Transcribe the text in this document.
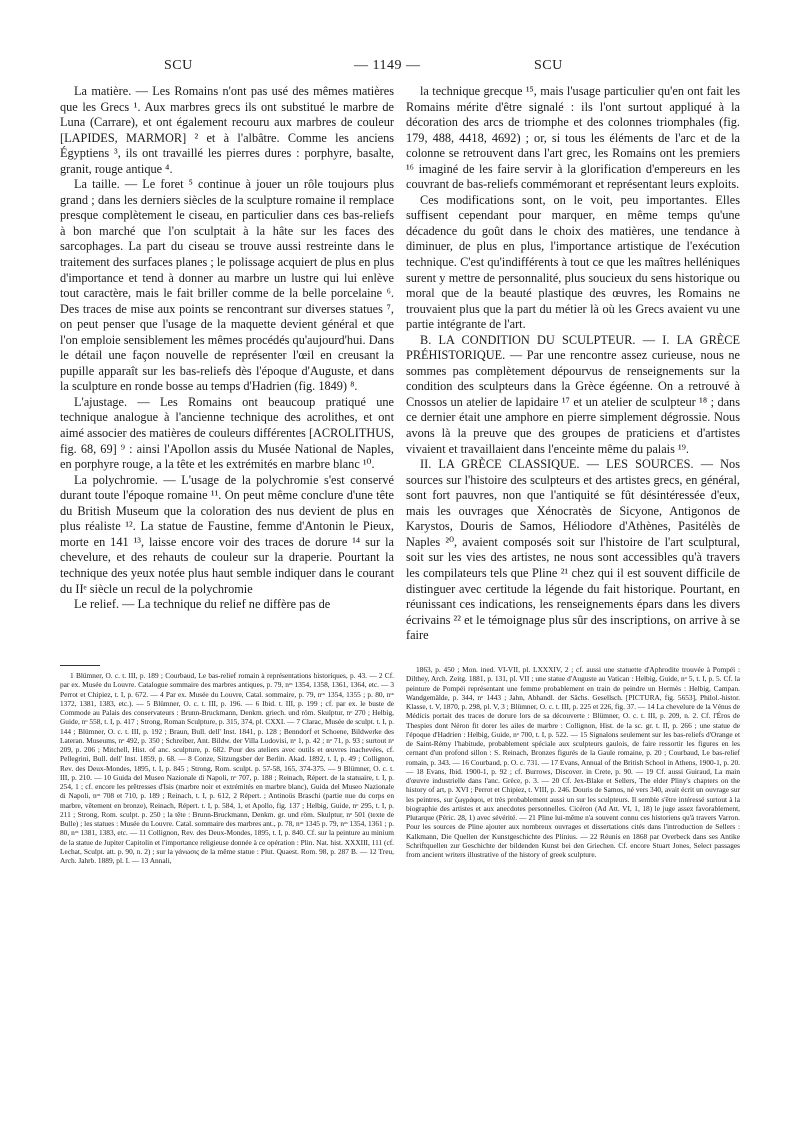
SCU	— 1149 —	SCU

La matière. — Les Romains n'ont pas usé des mêmes matières que les Grecs ¹. Aux marbres grecs ils ont substitué le marbre de Luna (Carrare), et ont également recouru aux marbres de couleur [LAPIDES, MARMOR] ² et à l'albâtre. Comme les anciens Égyptiens ³, ils ont travaillé les pierres dures : porphyre, basalte, granit, rouge antique ⁴.

La taille. — Le foret ⁵ continue à jouer un rôle toujours plus grand ; dans les derniers siècles de la sculpture romaine il remplace presque complètement le ciseau, en particulier dans ces bas-reliefs à bon marché que l'on sculptait à la hâte sur les faces des sarcophages. La part du ciseau se trouve aussi restreinte dans le traitement des surfaces planes ; le polissage acquiert de plus en plus d'importance et tend à donner au marbre un lustre qui lui enlève tout caractère, mais le fait briller comme de la belle porcelaine ⁶. Des traces de mise aux points se rencontrant sur diverses statues ⁷, on peut penser que l'usage de la maquette devient général et que l'on emploie sensiblement les mêmes procédés qu'aujourd'hui. Dans le détail une façon nouvelle de représenter l'œil en creusant la pupille apparaît sur les bas-reliefs dès l'époque d'Auguste, et dans la sculpture en ronde bosse au temps d'Hadrien (fig. 1849) ⁸.

L'ajustage. — Les Romains ont beaucoup pratiqué une technique analogue à l'ancienne technique des acrolithes, et ont aimé associer des matières de couleurs différentes [ACROLITHUS, fig. 68, 69] ⁹ : ainsi l'Apollon assis du Musée National de Naples, en porphyre rouge, a la tête et les extrémités en marbre blanc ¹⁰.

La polychromie. — L'usage de la polychromie s'est conservé durant toute l'époque romaine ¹¹. On peut même conclure d'une tête du British Museum que la coloration des nus devient de plus en plus réaliste ¹². La statue de Faustine, femme d'Antonin le Pieux, morte en 141 ¹³, laisse encore voir des traces de dorure ¹⁴ sur la chevelure, et des rehauts de couleur sur la draperie. Pourtant la technique des yeux notée plus haut semble indiquer dans le courant du IIᵉ siècle un recul de la polychromie

Le relief. — La technique du relief ne diffère pas de

la technique grecque ¹⁵, mais l'usage particulier qu'en ont fait les Romains mérite d'être signalé : ils l'ont surtout appliqué à la décoration des arcs de triomphe et des colonnes triomphales (fig. 179, 488, 4418, 4692) ; or, si tous les éléments de l'arc et de la colonne se retrouvent dans l'art grec, les Romains ont les premiers ¹⁶ imaginé de les faire servir à la glorification d'empereurs en les couvrant de bas-reliefs commémorant et représentant leurs exploits.

Ces modifications sont, on le voit, peu importantes. Elles suffisent cependant pour marquer, en même temps qu'une décadence du goût dans le choix des matières, une tendance à diminuer, de plus en plus, l'importance artistique de l'exécution technique. C'est qu'indifférents à tout ce que les maîtres helléniques surent y mettre de personnalité, plus soucieux du sens historique ou moral que de la beauté plastique des œuvres, les Romains ne trouvaient plus que la part du métier là où les Grecs avaient vu une partie intégrante de l'art.

B. LA CONDITION DU SCULPTEUR. — I. LA GRÈCE PRÉHISTORIQUE. — Par une rencontre assez curieuse, nous ne sommes pas complètement dépourvus de renseignements sur la condition des sculpteurs dans la Grèce égéenne. On a retrouvé à Cnossos un atelier de lapidaire ¹⁷ et un atelier de sculpteur ¹⁸ ; dans ce dernier était une amphore en pierre simplement dégrossie. Nous avons là la preuve que des groupes de praticiens et d'artistes vivaient et travaillaient dans l'enceinte même du palais ¹⁹.

II. LA GRÈCE CLASSIQUE. — LES SOURCES. — Nos sources sur l'histoire des sculpteurs et des artistes grecs, en général, sont fort pauvres, non que l'antiquité se fût désintéressée d'eux, mais les ouvrages que Xénocratès de Sicyone, Antigonos de Karystos, Douris de Samos, Héliodore d'Athènes, Pasitélès de Naples ²⁰, avaient composés soit sur l'histoire de l'art sculptural, soit sur les vies des artistes, ne nous sont accessibles qu'à travers les compilateurs tels que Pline ²¹ chez qui il est souvent difficile de distinguer avec certitude la légende du fait historique. Pourtant, en réunissant ces indications, les renseignements épars dans les divers écrivains ²² et le témoignage plus sûr des inscriptions, on arrive à se faire

1 Blümner, O. c. t. III, p. 189 ; Courbaud, Le bas-relief romain à représentations historiques, p. 43. — 2 Cf. par ex. Musée du Louvre. Catalogue sommaire des marbres antiques, p. 79, nᵒˢ 1354, 1358, 1361, 1364, etc. — 3 Perrot et Chipiez, t. I, p. 672. — 4 Par ex. Musée du Louvre, Catal. sommaire, p. 79, nᵒˢ 1354, 1355 ; p. 80, nᵒˢ 1372, 1381, 1383, etc.). — 5 Blümner, O. c. t. III, p. 196. — 6 Ibid. t. III, p. 199 ; cf. par ex. le buste de Commode au Palais des conservateurs : Brunn-Bruckmann, Denkm. griech. und röm. Skulptur, nᵒ 270 ; Helbig, Guide, nᵒ 558, t. I, p. 417 ; Strong, Roman Sculpture, p. 315, 374, pl. CXXI. — 7 Clarac, Musée de sculpt. t. I, p. 144 ; Blümner, O. c. t. III, p. 192 ; Braun, Bull. dell' Inst. 1841, p. 128 ; Benndorf et Schoene, Bildwerke des Lateran. Museums, nᵒ 492, p. 350 ; Schreiber, Ant. Bildw. der Villa Ludovisi, nᵒ 1, p. 42 ; nᵒ 71, p. 93 ; surtout nᵒ 209, p. 206 ; Mitchell, Hist. of anc. sculpture, p. 682. Pour des ateliers avec outils et œuvres inachevées, cf. Pellegrini, Bull. dell' Inst. 1859, p. 68. — 8 Conze, Sitzungsber der Berlin. Akad. 1892, t. I, p. 49 ; Collignon, Rev. des Deux-Mondes, 1895, t. I, p. 845 ; Strong, Rom. sculpt. p. 57-58, 165, 374-375. — 9 Blümner, O. c. t. III, p. 210. — 10 Guida del Museo Nazionale di Napoli, nᵒ 707, p. 188 ; Reinach, Répert. de la statuaire, t. I, p. 254, 1 ; cf. encore les prêtresses d'Isis (marbre noir et extrémités en marbre blanc), Guida del Museo Nazionale di Napoli, nᵒˢ 708 et 710, p. 189 ; Reinach, t. I, p. 612, 2 Répert. ; Antinoüs Braschi (partie nue du corps en marbre, vêtement en bronze), Reinach, Répert. t. I, p. 584, 1, et Apollo, fig. 137 ; Helbig, Guide, nᵒ 295, t. I, p. 211 ; Strong, Rom. sculpt. p. 250 ; la tête : Brunn-Bruckmann, Denkm. gr. und röm. Skulptur, nᵒ 501 (texte de Bulle) ; les statues : Musée du Louvre. Catal. sommaire des marbres ant., p. 78, nᵒˢ 1345 p. 79, nᵒˢ 1354, 1361 ; p. 80, nᵒˢ 1381, 1383, etc. — 11 Collignon, Rev. des Deux-Mondes, 1895, t. I, p. 840. Cf. sur la peinture au minium de la statue de Jupiter Capitolin et l'importance religieuse donnée à ce opération : Plin. Nat. hist. XXXIII, 111 (cf. Lechat, Sculpt. att. p. 90, n. 2) ; sur la γάνωσις de la même statue : Plut. Quaest. Rom. 98, p. 287 B. — 12 Treu, Arch. Jahrb. 1889, pl. I. — 13 Annali,

1863, p. 450 ; Mon. ined. VI-VII, pl. LXXXIV, 2 ; cf. aussi une statuette d'Aphrodite trouvée à Pompéi : Dilthey, Arch. Zeitg. 1881, p. 131, pl. VII ; une statue d'Auguste au Vatican : Helbig, Guide, nᵒ 5, t. I, p. 5. Cf. la peinture de Pompéi représentant une femme probablement en train de peindre un Hermès : Helbig, Campan. Wandgemälde, p. 344, nᵒ 1443 ; Jahn, Abhandl. der Sächs. Gesellsch. [PICTURA, fig. 5653], Philol.-histor. Klasse, t. V, 1870, p. 298, pl. V, 3 ; Blümner, O. c. t. III, p. 225 et 226, fig. 37. — 14 La chevelure de la Vénus de Médicis portait des traces de dorure lors de sa découverte : Blümner, O. c. t. III, p. 209, n. 2. Cf. l'Éros de Thespies dont Néron fit dorer les ailes de marbre : Collignon, Hist. de la sc. gr. t. II, p. 266 ; une statue de l'époque d'Hadrien : Helbig, Guide, nᵒ 700, t. I, p. 522. — 15 Signalons seulement sur les bas-reliefs d'Orange et de Saint-Rémy l'habitude, probablement spéciale aux sculpteurs gaulois, de faire ressortir les figures en les cernant d'un profond sillon : S. Reinach, Bronzes figurés de la Gaule romaine, p. 20 ; Courbaud, Le bas-relief romain, p. 343. — 16 Courbaud, p. O. c. 731. — 17 Evans, Annual of the British School in Athens, 1900-1, p. 20. — 18 Evans, Ibid. 1900-1, p. 92 ; cf. Burrows, Discover. in Crete, p. 90. — 19 Cf. aussi Guiraud, La main d'œuvre industrielle dans l'anc. Grèce, p. 3. — 20 Cf. Jex-Blake et Sellers, The elder Pliny's chapters on the history of art, p. XVI ; Perrot et Chipiez, t. VIII, p. 246. Douris de Samos, né vers 340, avait écrit un ouvrage sur les peintres, sur ζωγράφοι, et très probablement aussi un sur les sculpteurs. Il semble s'être intéressé surtout à la biographie des artistes et aux anecdotes personnelles. Cicéron (Ad Att. VI, 1, 18) le juge assez favorablement, Plutarque (Péric. 28, 1) avec sévérité. — 21 Pline lui-même n'a souvent connu ces historiens qu'à travers Varron. Pour les sources de Pline ajouter aux nombreux ouvrages et dissertations cités dans l'introduction de Sellers : Kalkmann, Die Quellen der Kunstgeschichte des Plinius. — 22 Réunis en 1868 par Overbeck dans ses Antike Schriftquellen zur Geschichte der bildenden Kunst bei den Griechen. Cf. encore Stuart Jones, Select passages from ancient writers illustrative of the history of greek sculpture.
